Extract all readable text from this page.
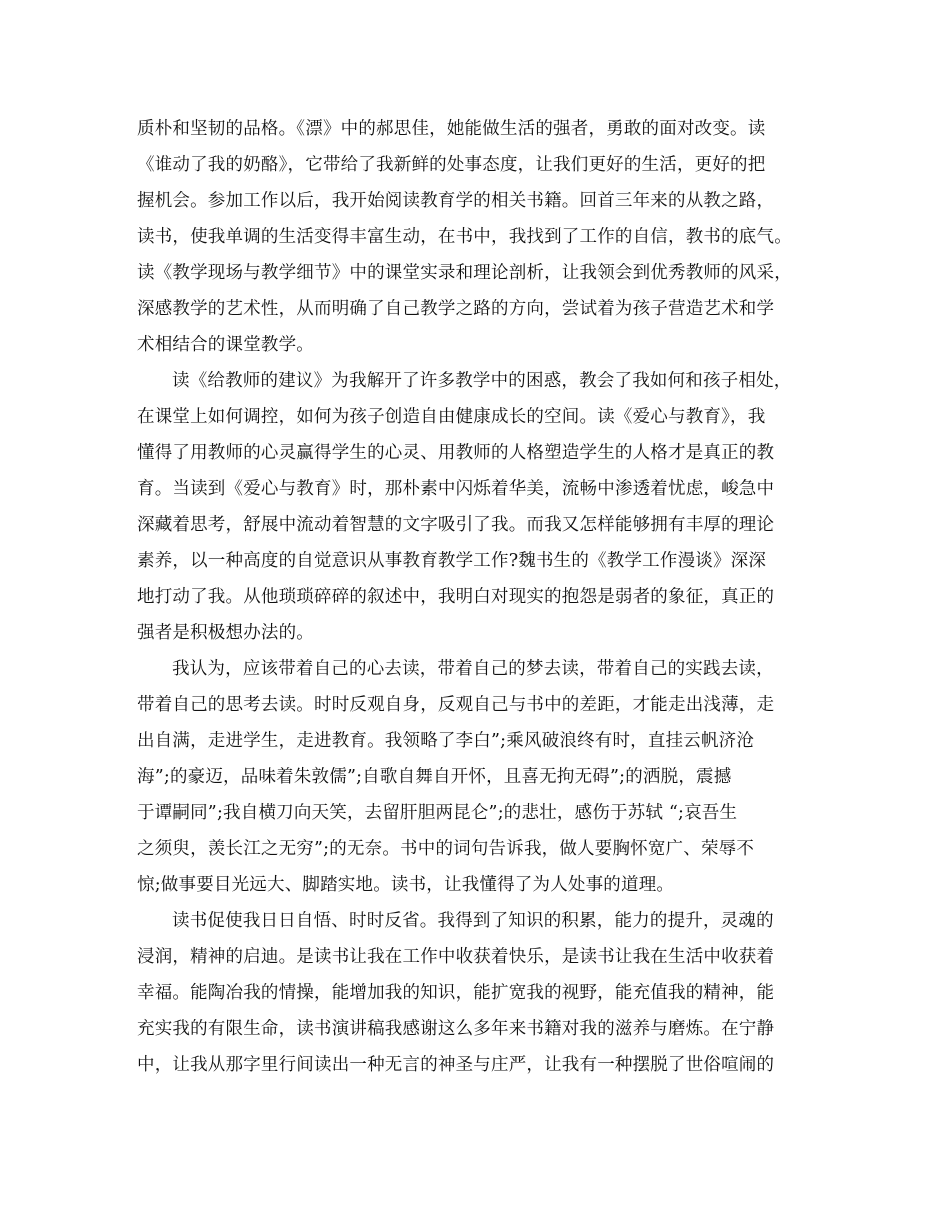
质朴和坚韧的品格。《漂》中的郝思佳，她能做生活的强者，勇敢的面对改变。读
《谁动了我的奶酪》，它带给了我新鲜的处事态度，让我们更好的生活，更好的把
握机会。参加工作以后，我开始阅读教育学的相关书籍。回首三年来的从教之路，
读书，使我单调的生活变得丰富生动，在书中，我找到了工作的自信，教书的底气。
读《教学现场与教学细节》中的课堂实录和理论剖析，让我领会到优秀教师的风采，
深感教学的艺术性，从而明确了自己教学之路的方向，尝试着为孩子营造艺术和学
术相结合的课堂教学。
读《给教师的建议》为我解开了许多教学中的困惑，教会了我如何和孩子相处，
在课堂上如何调控，如何为孩子创造自由健康成长的空间。读《爱心与教育》，我
懂得了用教师的心灵赢得学生的心灵、用教师的人格塑造学生的人格才是真正的教
育。当读到《爱心与教育》时，那朴素中闪烁着华美，流畅中渗透着忧虑，峻急中
深藏着思考，舒展中流动着智慧的文字吸引了我。而我又怎样能够拥有丰厚的理论
素养，以一种高度的自觉意识从事教育教学工作?魏书生的《教学工作漫谈》深深
地打动了我。从他琐琐碎碎的叙述中，我明白对现实的抱怨是弱者的象征，真正的
强者是积极想办法的。
我认为，应该带着自己的心去读，带着自己的梦去读，带着自己的实践去读，
带着自己的思考去读。时时反观自身，反观自己与书中的差距，才能走出浅薄，走
出自满，走进学生，走进教育。我领略了李白”;乘风破浪终有时，直挂云帆济沧
海”;的豪迈，品味着朱敦儒”;自歌自舞自开怀，且喜无拘无碍”;的洒脱，震撼
于谭嗣同”;我自横刀向天笑，去留肝胆两昆仑”;的悲壮，感伤于苏轼 “;哀吾生
之须臾，羡长江之无穷”;的无奈。书中的词句告诉我，做人要胸怀宽广、荣辱不
惊;做事要目光远大、脚踏实地。读书，让我懂得了为人处事的道理。
读书促使我日日自悟、时时反省。我得到了知识的积累，能力的提升，灵魂的
浸润，精神的启迪。是读书让我在工作中收获着快乐，是读书让我在生活中收获着
幸福。能陶冶我的情操，能增加我的知识，能扩宽我的视野，能充值我的精神，能
充实我的有限生命，读书演讲稿我感谢这么多年来书籍对我的滋养与磨炼。在宁静
中，让我从那字里行间读出一种无言的神圣与庄严，让我有一种摆脱了世俗喧闹的
